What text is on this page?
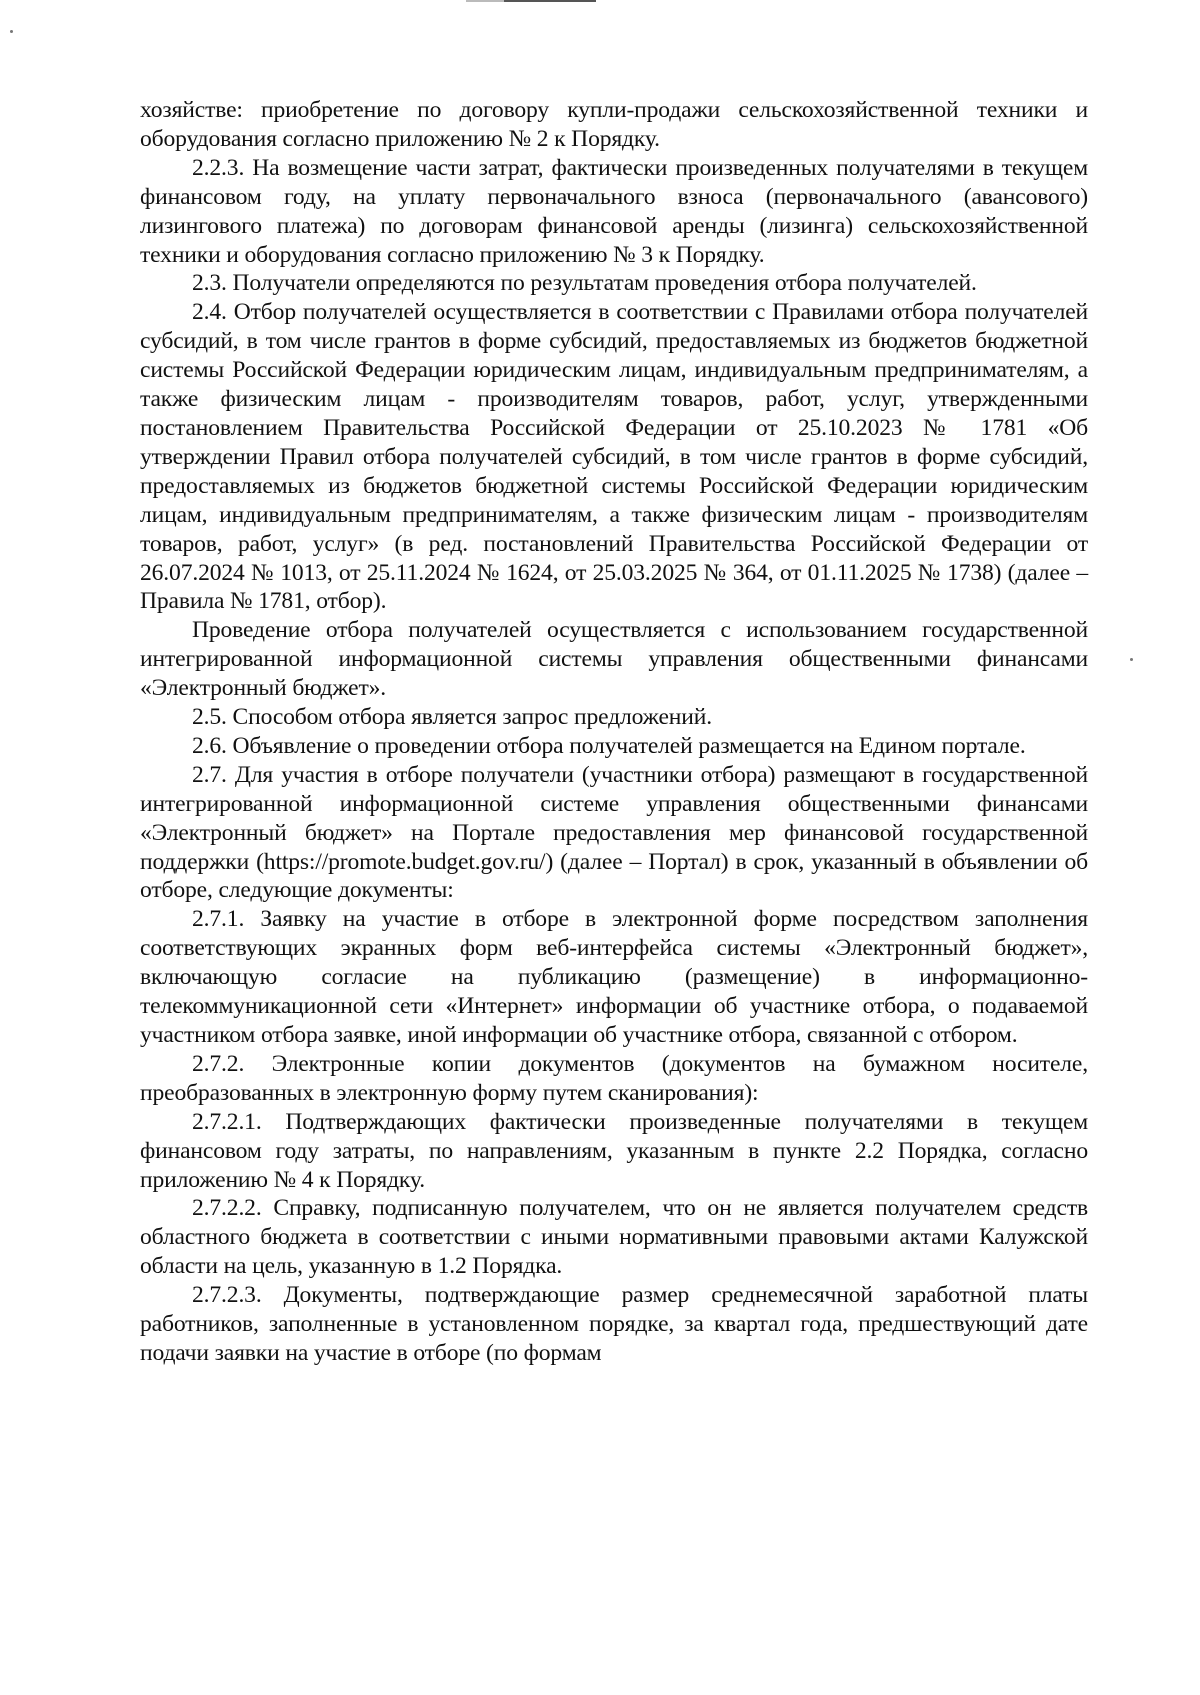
хозяйстве: приобретение по договору купли-продажи сельскохозяйственной техники и оборудования согласно приложению № 2 к Порядку.

2.2.3. На возмещение части затрат, фактически произведенных получателями в текущем финансовом году, на уплату первоначального взноса (первоначального (авансового) лизингового платежа) по договорам финансовой аренды (лизинга) сельскохозяйственной техники и оборудования согласно приложению № 3 к Порядку.

2.3. Получатели определяются по результатам проведения отбора получателей.

2.4. Отбор получателей осуществляется в соответствии с Правилами отбора получателей субсидий, в том числе грантов в форме субсидий, предоставляемых из бюджетов бюджетной системы Российской Федерации юридическим лицам, индивидуальным предпринимателям, а также физическим лицам - производителям товаров, работ, услуг, утвержденными постановлением Правительства Российской Федерации от 25.10.2023 № 1781 «Об утверждении Правил отбора получателей субсидий, в том числе грантов в форме субсидий, предоставляемых из бюджетов бюджетной системы Российской Федерации юридическим лицам, индивидуальным предпринимателям, а также физическим лицам - производителям товаров, работ, услуг» (в ред. постановлений Правительства Российской Федерации от 26.07.2024 № 1013, от 25.11.2024 № 1624, от 25.03.2025 № 364, от 01.11.2025 № 1738) (далее – Правила № 1781, отбор).

Проведение отбора получателей осуществляется с использованием государственной интегрированной информационной системы управления общественными финансами «Электронный бюджет».

2.5. Способом отбора является запрос предложений.

2.6. Объявление о проведении отбора получателей размещается на Едином портале.

2.7. Для участия в отборе получатели (участники отбора) размещают в государственной интегрированной информационной системе управления общественными финансами «Электронный бюджет» на Портале предоставления мер финансовой государственной поддержки (https://promote.budget.gov.ru/) (далее – Портал) в срок, указанный в объявлении об отборе, следующие документы:

2.7.1. Заявку на участие в отборе в электронной форме посредством заполнения соответствующих экранных форм веб-интерфейса системы «Электронный бюджет», включающую согласие на публикацию (размещение) в информационно-телекоммуникационной сети «Интернет» информации об участнике отбора, о подаваемой участником отбора заявке, иной информации об участнике отбора, связанной с отбором.

2.7.2. Электронные копии документов (документов на бумажном носителе, преобразованных в электронную форму путем сканирования):

2.7.2.1. Подтверждающих фактически произведенные получателями в текущем финансовом году затраты, по направлениям, указанным в пункте 2.2 Порядка, согласно приложению № 4 к Порядку.

2.7.2.2. Справку, подписанную получателем, что он не является получателем средств областного бюджета в соответствии с иными нормативными правовыми актами Калужской области на цель, указанную в 1.2 Порядка.

2.7.2.3. Документы, подтверждающие размер среднемесячной заработной платы работников, заполненные в установленном порядке, за квартал года, предшествующий дате подачи заявки на участие в отборе (по формам
